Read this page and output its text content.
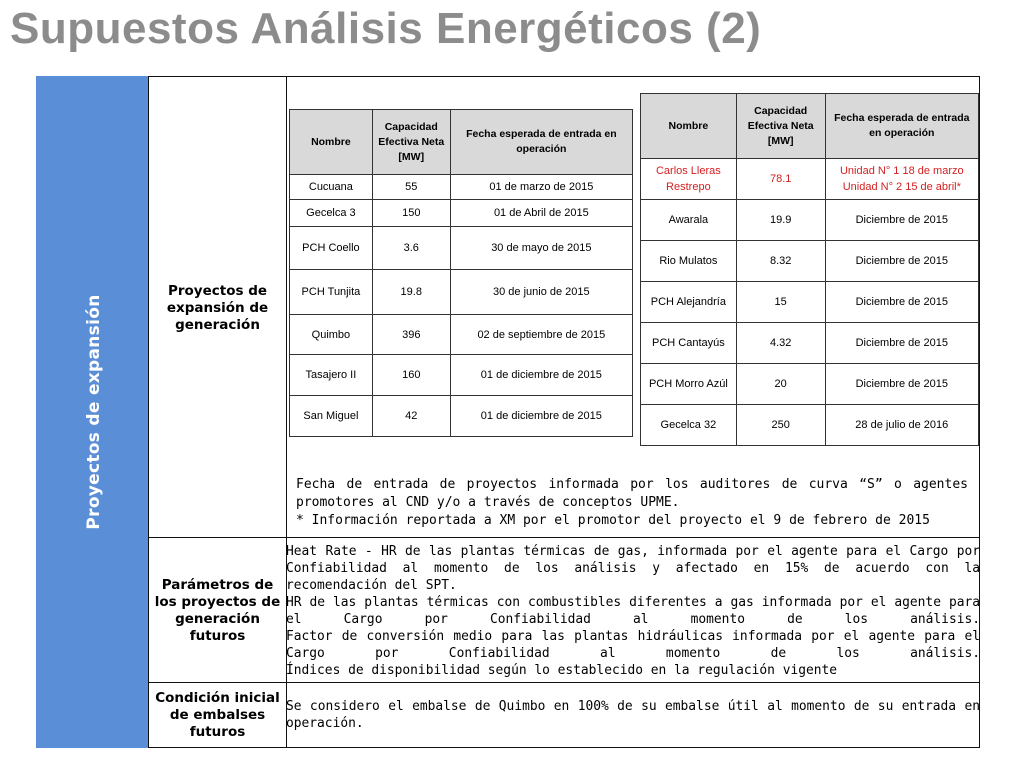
Supuestos Análisis Energéticos (2)
Proyectos de expansión
Proyectos de expansión de generación
Parámetros de los proyectos de generación futuros
Condición inicial de embalses futuros
Nombre	Capacidad Efectiva Neta [MW]	Fecha esperada de entrada en operación
Cucuana	55	01 de marzo de 2015
Gecelca 3	150	01 de Abril de 2015
PCH Coello	3.6	30 de mayo de 2015
PCH Tunjita	19.8	30 de junio de 2015
Quimbo	396	02 de septiembre de 2015
Tasajero II	160	01 de diciembre de 2015
San Miguel	42	01 de diciembre de 2015
Nombre	Capacidad Efectiva Neta [MW]	Fecha esperada de entrada en operación
Carlos Lleras Restrepo	78.1	Unidad N° 1 18 de marzo Unidad N° 2 15 de abril*
Awarala	19.9	Diciembre de 2015
Rio Mulatos	8.32	Diciembre de 2015
PCH Alejandría	15	Diciembre de 2015
PCH Cantayús	4.32	Diciembre de 2015
PCH Morro Azúl	20	Diciembre de 2015
Gecelca 32	250	28 de julio de 2016

Fecha de entrada de proyectos informada por los auditores de curva “S” o agentes promotores al CND y/o a través de conceptos UPME.

* Información reportada a XM por el promotor del proyecto el 9 de febrero de 2015

Heat Rate - HR de las plantas térmicas de gas, informada por el agente para el Cargo por Confiabilidad al momento de los análisis y afectado en 15% de acuerdo con la recomendación del SPT.

HR de las plantas térmicas con combustibles diferentes a gas informada por el agente para el Cargo por Confiabilidad al momento de los análisis.

Factor de conversión medio para las plantas hidráulicas informada por el agente para el Cargo por Confiabilidad al momento de los análisis.

Índices de disponibilidad según lo establecido en la regulación vigente

Se considero el embalse de Quimbo en 100% de su embalse útil al momento de su entrada en operación.
